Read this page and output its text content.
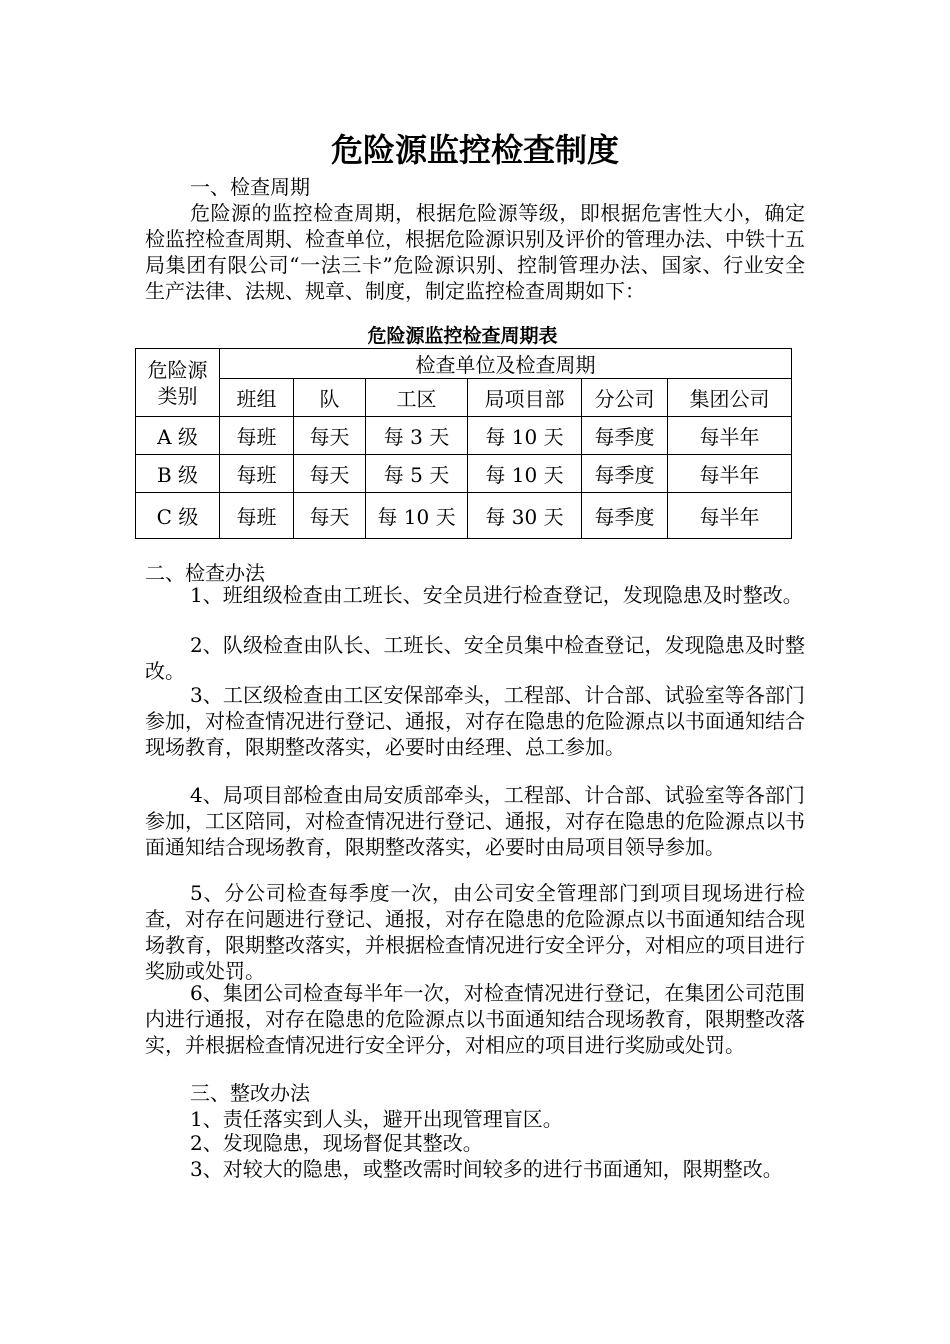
危险源监控检查制度

一、检查周期

危险源的监控检查周期，根据危险源等级，即根据危害性大小，确定检监控检查周期、检查单位，根据危险源识别及评价的管理办法、中铁十五局集团有限公司“一法三卡”危险源识别、控制管理办法、国家、行业安全生产法律、法规、规章、制度，制定监控检查周期如下：

危险源监控检查周期表

危险源
类别	检查单位及检查周期					
	班组	队	工区	局项目部	分公司	集团公司
A 级	每班	每天	每 3 天	每 10 天	每季度	每半年
B 级	每班	每天	每 5 天	每 10 天	每季度	每半年
C 级	每班	每天	每 10 天	每 30 天	每季度	每半年

二、检查办法

1、班组级检查由工班长、安全员进行检查登记，发现隐患及时整改。

2、队级检查由队长、工班长、安全员集中检查登记，发现隐患及时整改。

3、工区级检查由工区安保部牵头，工程部、计合部、试验室等各部门参加，对检查情况进行登记、通报，对存在隐患的危险源点以书面通知结合现场教育，限期整改落实，必要时由经理、总工参加。

4、局项目部检查由局安质部牵头，工程部、计合部、试验室等各部门参加，工区陪同，对检查情况进行登记、通报，对存在隐患的危险源点以书面通知结合现场教育，限期整改落实，必要时由局项目领导参加。

5、分公司检查每季度一次，由公司安全管理部门到项目现场进行检查，对存在问题进行登记、通报，对存在隐患的危险源点以书面通知结合现场教育，限期整改落实，并根据检查情况进行安全评分，对相应的项目进行奖励或处罚。

6、集团公司检查每半年一次，对检查情况进行登记，在集团公司范围内进行通报，对存在隐患的危险源点以书面通知结合现场教育，限期整改落实，并根据检查情况进行安全评分，对相应的项目进行奖励或处罚。

三、整改办法

1、责任落实到人头，避开出现管理盲区。

2、发现隐患，现场督促其整改。

3、对较大的隐患，或整改需时间较多的进行书面通知，限期整改。
